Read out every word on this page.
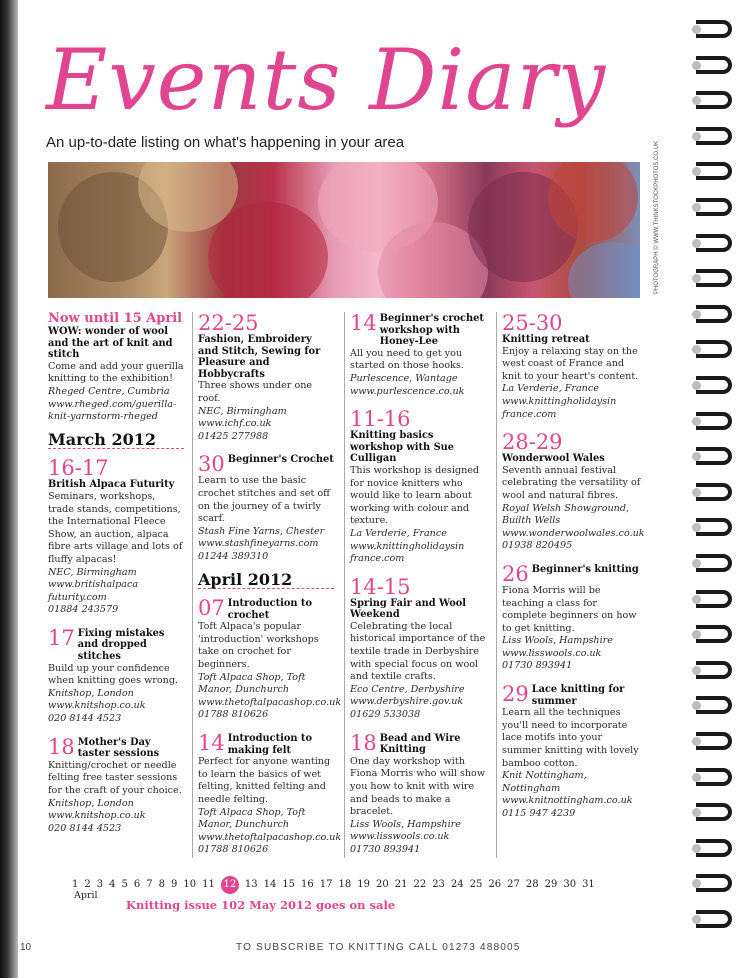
Events Diary
An up-to-date listing on what's happening in your area	PHOTOGRAPH © WWW.THINKSTOCKPHOTOS.CO.UK
Now until 15 April
WOW: wonder of wool and the art of knit and stitch
Come and add your guerilla knitting to the exhibition!
Rheged Centre, Cumbria
www.rheged.com/guerilla-knit-yarnstorm-rheged
March 2012
16-17
British Alpaca Futurity
Seminars, workshops, trade stands, competitions, the International Fleece Show, an auction, alpaca fibre arts village and lots of fluffy alpacas!
NEC, Birmingham
www.britishalpaca futurity.com
01884 243579
17 Fixing mistakes and dropped stitches
Build up your confidence when knitting goes wrong.
Knitshop, London
www.knitshop.co.uk
020 8144 4523
18 Mother's Day taster sessions
Knitting/crochet or needle felting free taster sessions for the craft of your choice.
Knitshop, London
www.knitshop.co.uk
020 8144 4523
22-25
Fashion, Embroidery and Stitch, Sewing for Pleasure and Hobbycrafts
Three shows under one roof.
NEC, Birmingham
www.ichf.co.uk
01425 277988
30 Beginner's Crochet
Learn to use the basic crochet stitches and set off on the journey of a twirly scarf.
Stash Fine Yarns, Chester
www.stashfineyarns.com
01244 389310
April 2012
07 Introduction to crochet
Toft Alpaca's popular 'introduction' workshops take on crochet for beginners.
Toft Alpaca Shop, Toft Manor, Dunchurch
www.thetoftalpacashop.co.uk
01788 810626
14 Introduction to making felt
Perfect for anyone wanting to learn the basics of wet felting, knitted felting and needle felting.
Toft Alpaca Shop, Toft Manor, Dunchurch
www.thetoftalpacashop.co.uk
01788 810626
14 Beginner's crochet workshop with Honey-Lee
All you need to get you started on those hooks.
Purlescence, Wantage
www.purlescence.co.uk
11-16
Knitting basics workshop with Sue Culligan
This workshop is designed for novice knitters who would like to learn about working with colour and texture.
La Verderie, France
www.knittingholidaysin france.com
14-15
Spring Fair and Wool Weekend
Celebrating the local historical importance of the textile trade in Derbyshire with special focus on wool and textile crafts.
Eco Centre, Derbyshire
www.derbyshire.gov.uk
01629 533038
18 Bead and Wire Knitting
One day workshop with Fiona Morris who will show you how to knit with wire and beads to make a bracelet.
Liss Wools, Hampshire
www.lisswools.co.uk
01730 893941
25-30
Knitting retreat
Enjoy a relaxing stay on the west coast of France and knit to your heart's content.
La Verderie, France
www.knittingholidaysin france.com
28-29
Wonderwool Wales
Seventh annual festival celebrating the versatility of wool and natural fibres.
Royal Welsh Showground, Builth Wells
www.wonderwoolwales.co.uk
01938 820495
26 Beginner's knitting
Fiona Morris will be teaching a class for complete beginners on how to get knitting.
Liss Wools, Hampshire
www.lisswools.co.uk
01730 893941
29 Lace knitting for summer
Learn all the techniques you'll need to incorporate lace motifs into your summer knitting with lovely bamboo cotton.
Knit Nottingham, Nottingham
www.knitnottingham.co.uk
0115 947 4239
1 2 3 4 5 6 7 8 9 10 11 12 13 14 15 16 17 18 19 20 21 22 23 24 25 26 27 28 29 30 31
April
Knitting issue 102 May 2012 goes on sale
10	TO SUBSCRIBE TO KNITTING CALL 01273 488005
